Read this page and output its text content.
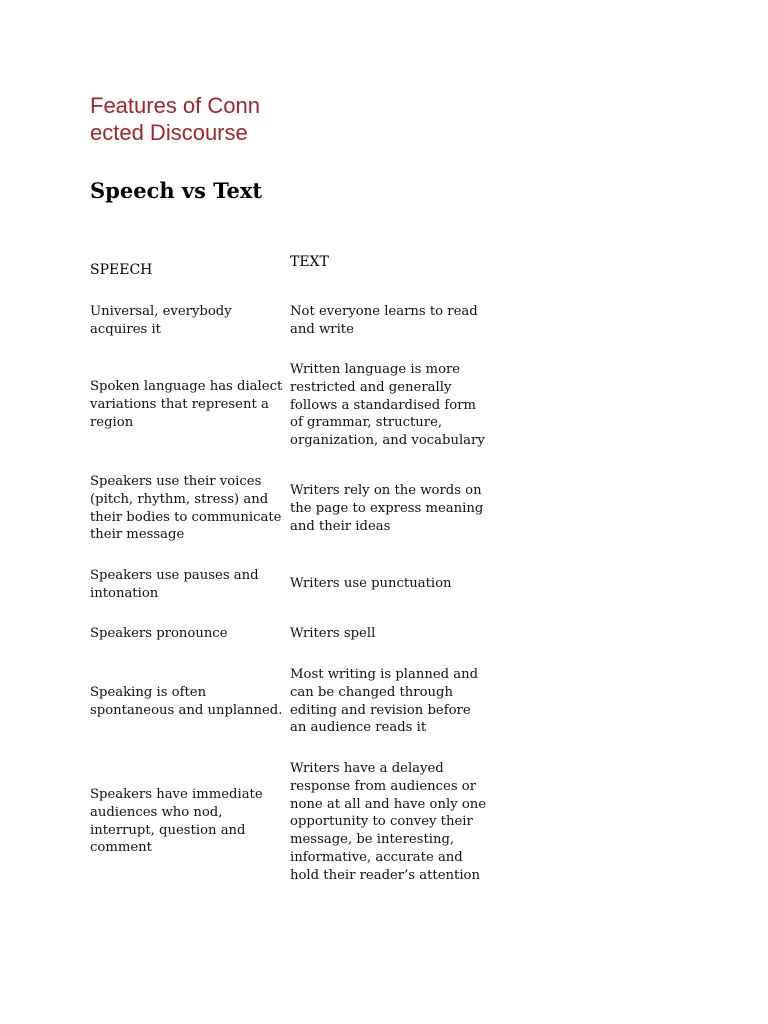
Features of Conn
ected Discourse
Speech vs Text
SPEECH	TEXT
Universal, everybody
acquires it
Not everyone learns to read
and write
Spoken language has dialect
variations that represent a
region
Written language is more
restricted and generally
follows a standardised form
of grammar, structure,
organization, and vocabulary
Speakers use their voices
(pitch, rhythm, stress) and
their bodies to communicate
their message
Writers rely on the words on
the page to express meaning
and their ideas
Speakers use pauses and
intonation
Writers use punctuation
Speakers pronounce	Writers spell
Speaking is often
spontaneous and unplanned.
Most writing is planned and
can be changed through
editing and revision before
an audience reads it
Speakers have immediate
audiences who nod,
interrupt, question and
comment
Writers have a delayed
response from audiences or
none at all and have only one
opportunity to convey their
message, be interesting,
informative, accurate and
hold their reader’s attention
